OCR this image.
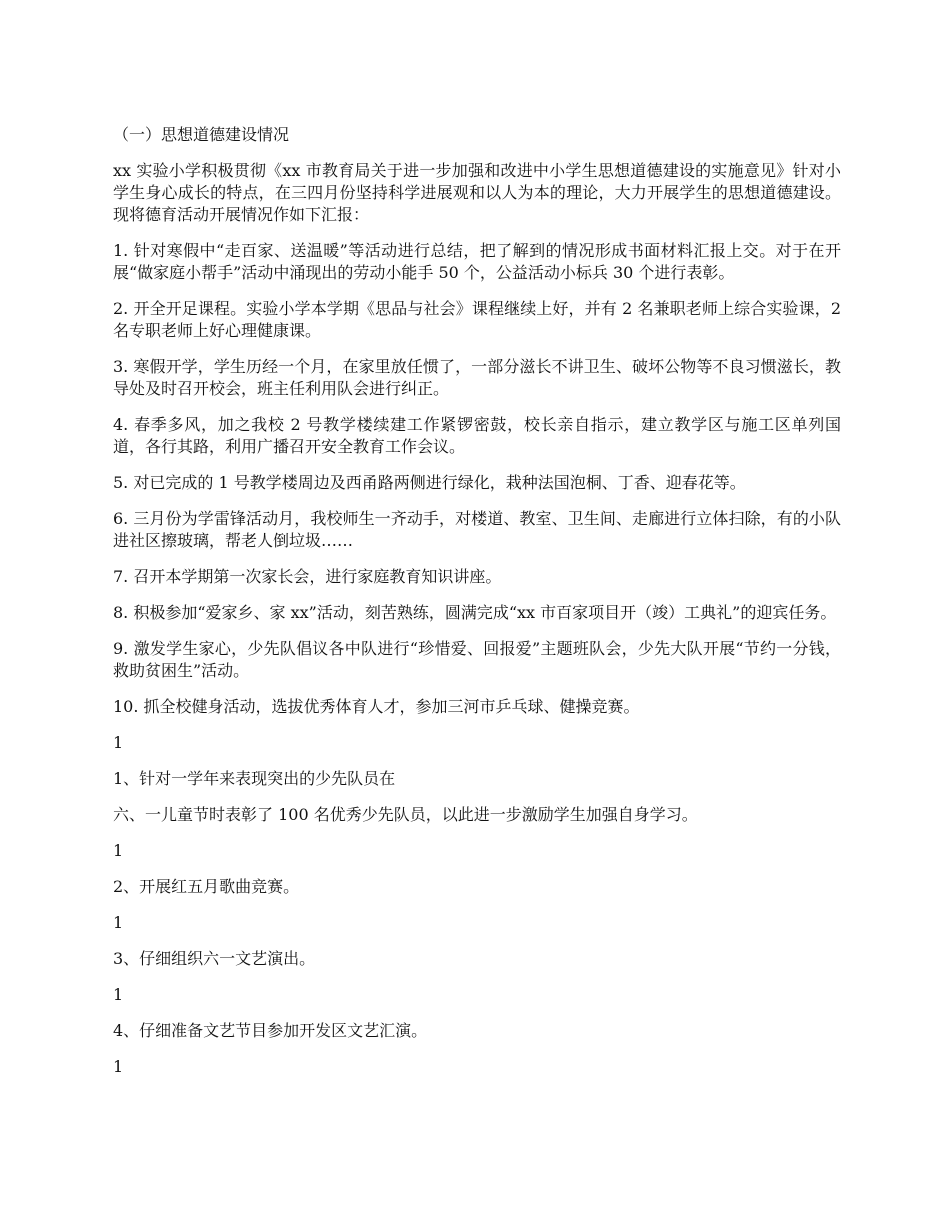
（一）思想道德建设情况

xx 实验小学积极贯彻《xx 市教育局关于进一步加强和改进中小学生思想道德建设的实施意见》针对小学生身心成长的特点，在三四月份坚持科学进展观和以人为本的理论，大力开展学生的思想道德建设。现将德育活动开展情况作如下汇报：

1. 针对寒假中“走百家、送温暖”等活动进行总结，把了解到的情况形成书面材料汇报上交。对于在开展“做家庭小帮手”活动中涌现出的劳动小能手 50 个，公益活动小标兵 30 个进行表彰。

2. 开全开足课程。实验小学本学期《思品与社会》课程继续上好，并有 2 名兼职老师上综合实验课，2 名专职老师上好心理健康课。

3. 寒假开学，学生历经一个月，在家里放任惯了，一部分滋长不讲卫生、破坏公物等不良习惯滋长，教导处及时召开校会，班主任利用队会进行纠正。

4. 春季多风，加之我校 2 号教学楼续建工作紧锣密鼓，校长亲自指示，建立教学区与施工区单列国道，各行其路，利用广播召开安全教育工作会议。

5. 对已完成的 1 号教学楼周边及西甬路两侧进行绿化，栽种法国泡桐、丁香、迎春花等。

6. 三月份为学雷锋活动月，我校师生一齐动手，对楼道、教室、卫生间、走廊进行立体扫除，有的小队进社区擦玻璃，帮老人倒垃圾……

7. 召开本学期第一次家长会，进行家庭教育知识讲座。

8. 积极参加“爱家乡、家 xx”活动，刻苦熟练，圆满完成“xx 市百家项目开（竣）工典礼”的迎宾任务。

9. 激发学生家心，少先队倡议各中队进行“珍惜爱、回报爱”主题班队会，少先大队开展“节约一分钱，救助贫困生”活动。

10. 抓全校健身活动，选拔优秀体育人才，参加三河市乒乓球、健操竞赛。

1

1、针对一学年来表现突出的少先队员在

六、一儿童节时表彰了 100 名优秀少先队员，以此进一步激励学生加强自身学习。

1

2、开展红五月歌曲竞赛。

1

3、仔细组织六一文艺演出。

1

4、仔细准备文艺节目参加开发区文艺汇演。

1
